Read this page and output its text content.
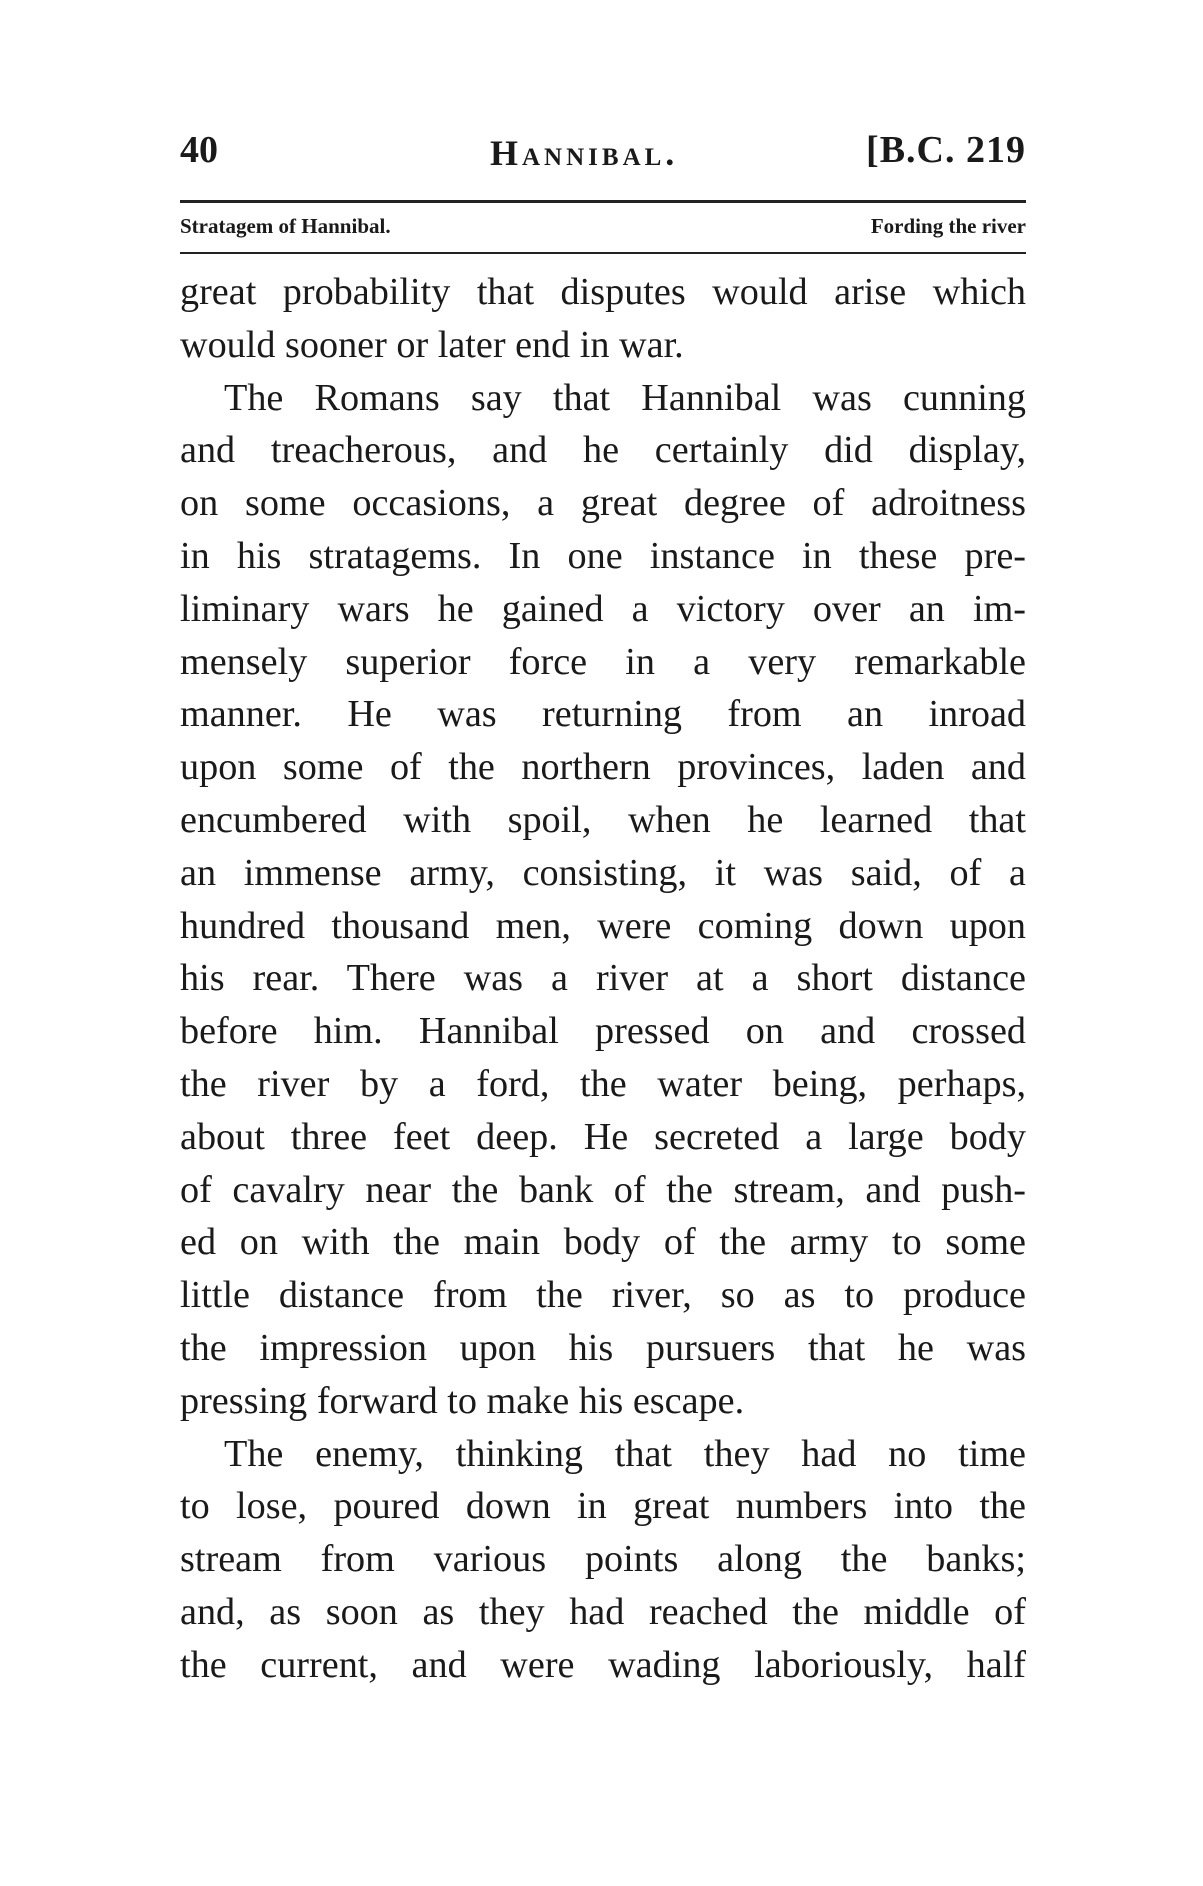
40	Hannibal.	[B.C. 219
Stratagem of Hannibal.	Fording the river
great probability that disputes would arise which
would sooner or later end in war.
The Romans say that Hannibal was cunning
and treacherous, and he certainly did display,
on some occasions, a great degree of adroitness
in his stratagems. In one instance in these pre-
liminary wars he gained a victory over an im-
mensely superior force in a very remarkable
manner. He was returning from an inroad
upon some of the northern provinces, laden and
encumbered with spoil, when he learned that
an immense army, consisting, it was said, of a
hundred thousand men, were coming down upon
his rear. There was a river at a short distance
before him. Hannibal pressed on and crossed
the river by a ford, the water being, perhaps,
about three feet deep. He secreted a large body
of cavalry near the bank of the stream, and push-
ed on with the main body of the army to some
little distance from the river, so as to produce
the impression upon his pursuers that he was
pressing forward to make his escape.
The enemy, thinking that they had no time
to lose, poured down in great numbers into the
stream from various points along the banks;
and, as soon as they had reached the middle of
the current, and were wading laboriously, half
